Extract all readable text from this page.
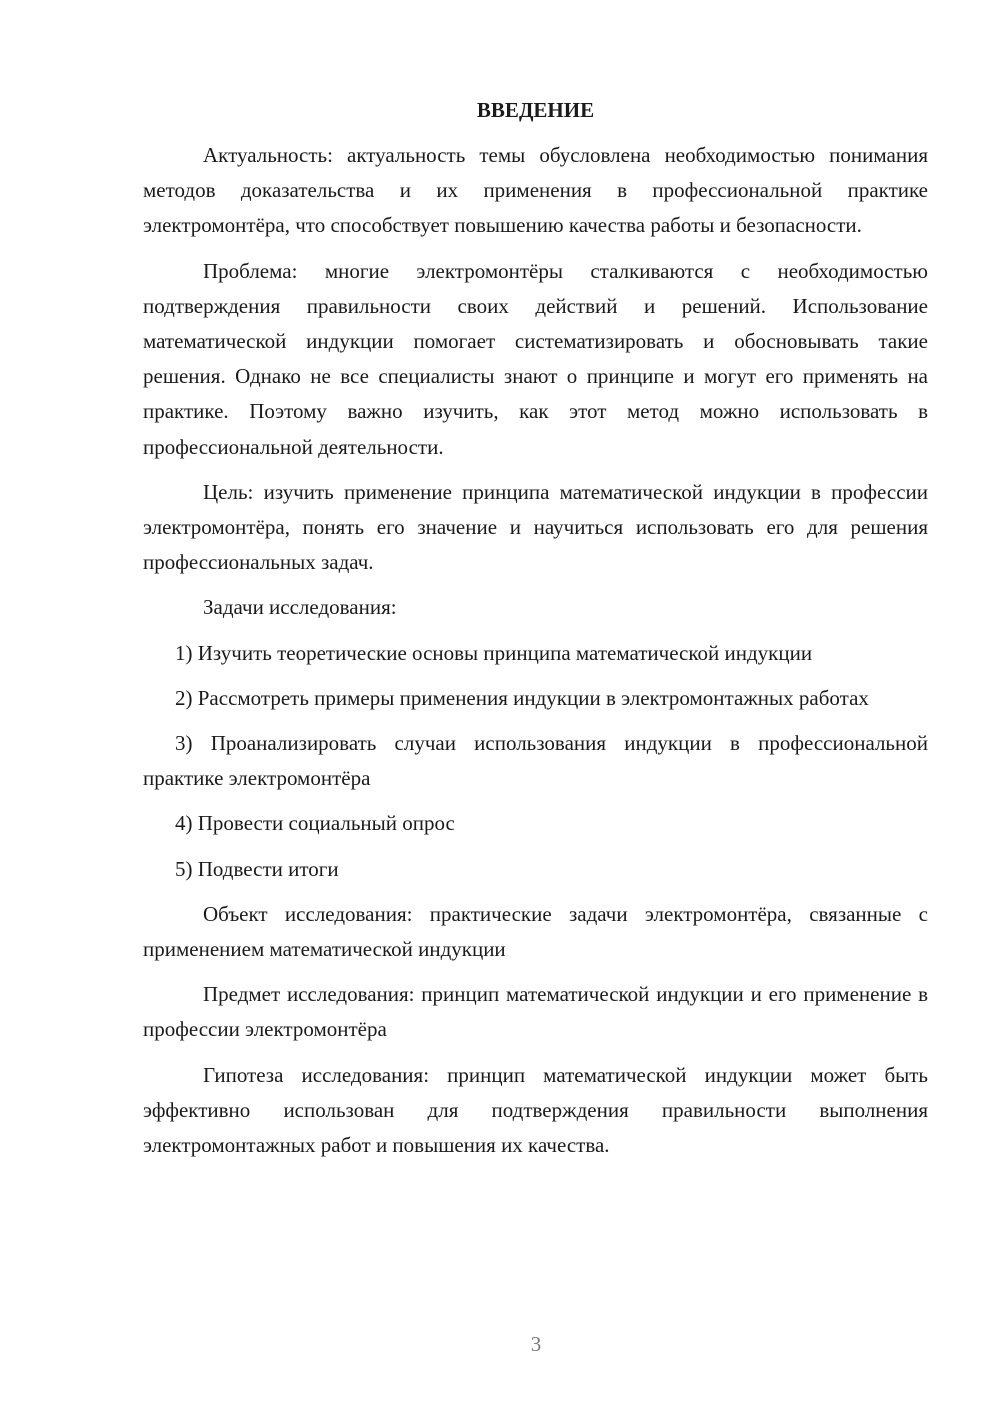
ВВЕДЕНИЕ

Актуальность: актуальность темы обусловлена необходимостью понимания методов доказательства и их применения в профессиональной практике электромонтёра, что способствует повышению качества работы и безопасности.

Проблема: многие электромонтёры сталкиваются с необходимостью подтверждения правильности своих действий и решений. Использование математической индукции помогает систематизировать и обосновывать такие решения. Однако не все специалисты знают о принципе и могут его применять на практике. Поэтому важно изучить, как этот метод можно использовать в профессиональной деятельности.

Цель: изучить применение принципа математической индукции в профессии электромонтёра, понять его значение и научиться использовать его для решения профессиональных задач.

Задачи исследования:

1) Изучить теоретические основы принципа математической индукции

2) Рассмотреть примеры применения индукции в электромонтажных работах

3) Проанализировать случаи использования индукции в профессиональной практике электромонтёра

4) Провести социальный опрос

5) Подвести итоги

Объект исследования: практические задачи электромонтёра, связанные с применением математической индукции

Предмет исследования: принцип математической индукции и его применение в профессии электромонтёра

Гипотеза исследования: принцип математической индукции может быть эффективно использован для подтверждения правильности выполнения электромонтажных работ и повышения их качества.

3
